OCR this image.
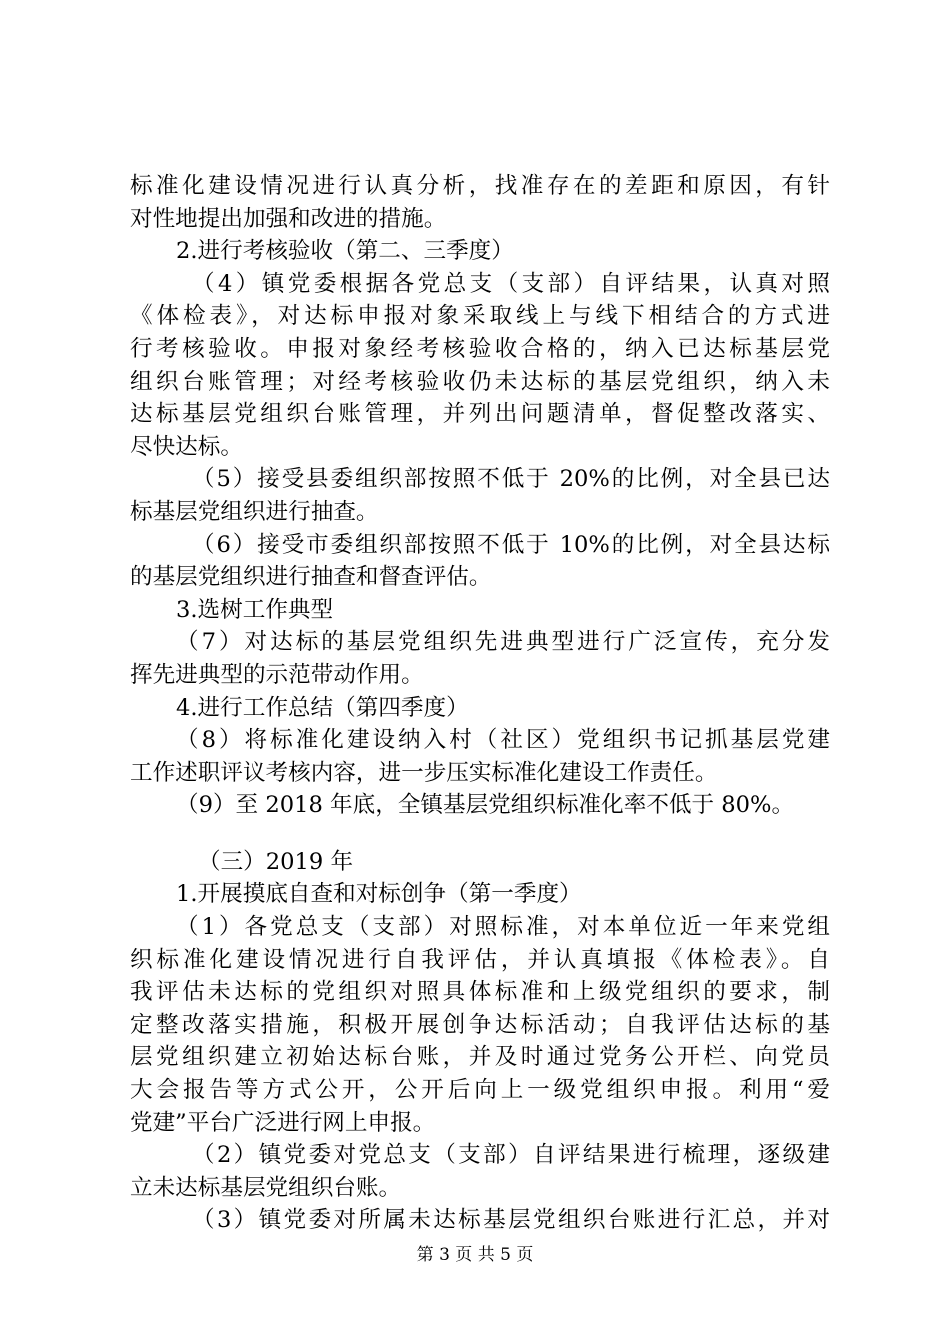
标准化建设情况进行认真分析，找准存在的差距和原因，有针
对性地提出加强和改进的措施。
2.进行考核验收（第二、三季度）
（4）镇党委根据各党总支（支部）自评结果，认真对照
《体检表》，对达标申报对象采取线上与线下相结合的方式进
行考核验收。申报对象经考核验收合格的，纳入已达标基层党
组织台账管理；对经考核验收仍未达标的基层党组织，纳入未
达标基层党组织台账管理，并列出问题清单，督促整改落实、
尽快达标。
（5）接受县委组织部按照不低于 20%的比例，对全县已达
标基层党组织进行抽查。
（6）接受市委组织部按照不低于 10%的比例，对全县达标
的基层党组织进行抽查和督查评估。
3.选树工作典型
（7）对达标的基层党组织先进典型进行广泛宣传，充分发
挥先进典型的示范带动作用。
4.进行工作总结（第四季度）
（8）将标准化建设纳入村（社区）党组织书记抓基层党建
工作述职评议考核内容，进一步压实标准化建设工作责任。
（9）至 2018 年底，全镇基层党组织标准化率不低于 80%。
（三）2019 年
1.开展摸底自查和对标创争（第一季度）
（1）各党总支（支部）对照标准，对本单位近一年来党组
织标准化建设情况进行自我评估，并认真填报《体检表》。自
我评估未达标的党组织对照具体标准和上级党组织的要求，制
定整改落实措施，积极开展创争达标活动；自我评估达标的基
层党组织建立初始达标台账，并及时通过党务公开栏、向党员
大会报告等方式公开，公开后向上一级党组织申报。利用“爱
党建”平台广泛进行网上申报。
（2）镇党委对党总支（支部）自评结果进行梳理，逐级建
立未达标基层党组织台账。
（3）镇党委对所属未达标基层党组织台账进行汇总，并对
第 3 页 共 5 页
